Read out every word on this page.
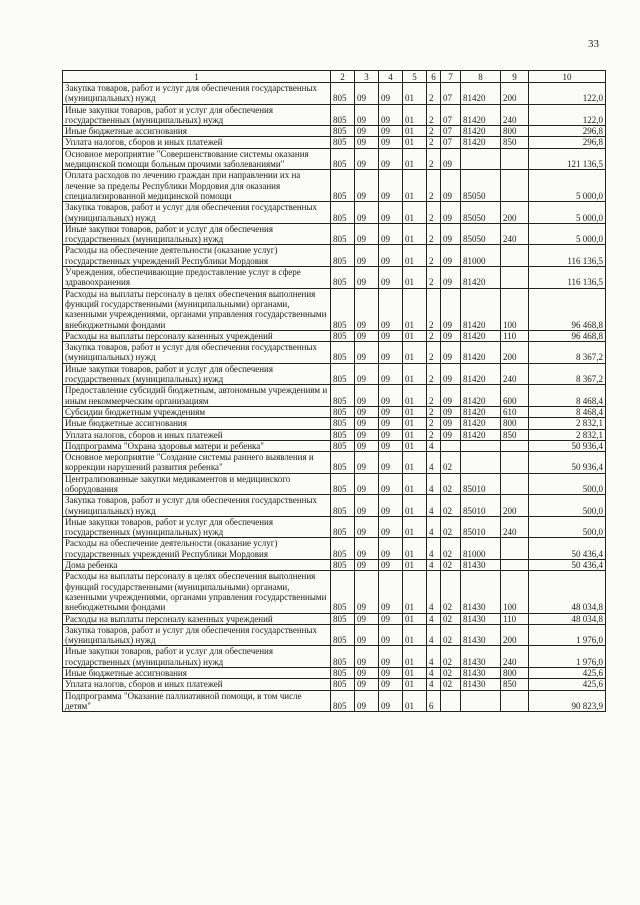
33
1	2	3	4	5	6	7	8	9	10
Закупка товаров, работ и услуг для обеспечения государственных (муниципальных) нужд	805	09	09	01	2	07	81420	200	122,0
Иные закупки товаров, работ и услуг для обеспечения государственных (муниципальных) нужд	805	09	09	01	2	07	81420	240	122,0
Иные бюджетные ассигнования	805	09	09	01	2	07	81420	800	296,8
Уплата налогов, сборов и иных платежей	805	09	09	01	2	07	81420	850	296,8
Основное мероприятие "Совершенствование системы оказания медицинской помощи больным прочими заболеваниями"	805	09	09	01	2	09			121 136,5
Оплата расходов по лечению граждан при направлении их на лечение за пределы Республики Мордовия для оказания специализированной медицинской помощи	805	09	09	01	2	09	85050		5 000,0
Закупка товаров, работ и услуг для обеспечения государственных (муниципальных) нужд	805	09	09	01	2	09	85050	200	5 000,0
Иные закупки товаров, работ и услуг для обеспечения государственных (муниципальных) нужд	805	09	09	01	2	09	85050	240	5 000,0
Расходы на обеспечение деятельности (оказание услуг) государственных учреждений Республики Мордовия	805	09	09	01	2	09	81000		116 136,5
Учреждения, обеспечивающие предоставление услуг в сфере здравоохранения	805	09	09	01	2	09	81420		116 136,5
Расходы на выплаты персоналу в целях обеспечения выполнения функций государственными (муниципальными) органами, казенными учреждениями, органами управления государственными внебюджетными фондами	805	09	09	01	2	09	81420	100	96 468,8
Расходы на выплаты персоналу казенных учреждений	805	09	09	01	2	09	81420	110	96 468,8
Закупка товаров, работ и услуг для обеспечения государственных (муниципальных) нужд	805	09	09	01	2	09	81420	200	8 367,2
Иные закупки товаров, работ и услуг для обеспечения государственных (муниципальных) нужд	805	09	09	01	2	09	81420	240	8 367,2
Предоставление субсидий бюджетным, автономным учреждениям и иным некоммерческим организациям	805	09	09	01	2	09	81420	600	8 468,4
Субсидии бюджетным учреждениям	805	09	09	01	2	09	81420	610	8 468,4
Иные бюджетные ассигнования	805	09	09	01	2	09	81420	800	2 832,1
Уплата налогов, сборов и иных платежей	805	09	09	01	2	09	81420	850	2 832,1
Подпрограмма "Охрана здоровья матери и ребенка"	805	09	09	01	4				50 936,4
Основное мероприятие "Создание системы раннего выявления и коррекции нарушений развития ребенка"	805	09	09	01	4	02			50 936,4
Централизованные закупки медикаментов и медицинского оборудования	805	09	09	01	4	02	85010		500,0
Закупка товаров, работ и услуг для обеспечения государственных (муниципальных) нужд	805	09	09	01	4	02	85010	200	500,0
Иные закупки товаров, работ и услуг для обеспечения государственных (муниципальных) нужд	805	09	09	01	4	02	85010	240	500,0
Расходы на обеспечение деятельности (оказание услуг) государственных учреждений Республики Мордовия	805	09	09	01	4	02	81000		50 436,4
Дома ребенка	805	09	09	01	4	02	81430		50 436,4
Расходы на выплаты персоналу в целях обеспечения выполнения функций государственными (муниципальными) органами, казенными учреждениями, органами управления государственными внебюджетными фондами	805	09	09	01	4	02	81430	100	48 034,8
Расходы на выплаты персоналу казенных учреждений	805	09	09	01	4	02	81430	110	48 034,8
Закупка товаров, работ и услуг для обеспечения государственных (муниципальных) нужд	805	09	09	01	4	02	81430	200	1 976,0
Иные закупки товаров, работ и услуг для обеспечения государственных (муниципальных) нужд	805	09	09	01	4	02	81430	240	1 976,0
Иные бюджетные ассигнования	805	09	09	01	4	02	81430	800	425,6
Уплата налогов, сборов и иных платежей	805	09	09	01	4	02	81430	850	425,6
Подпрограмма "Оказание паллиативной помощи, в том числе детям"	805	09	09	01	6				90 823,9
